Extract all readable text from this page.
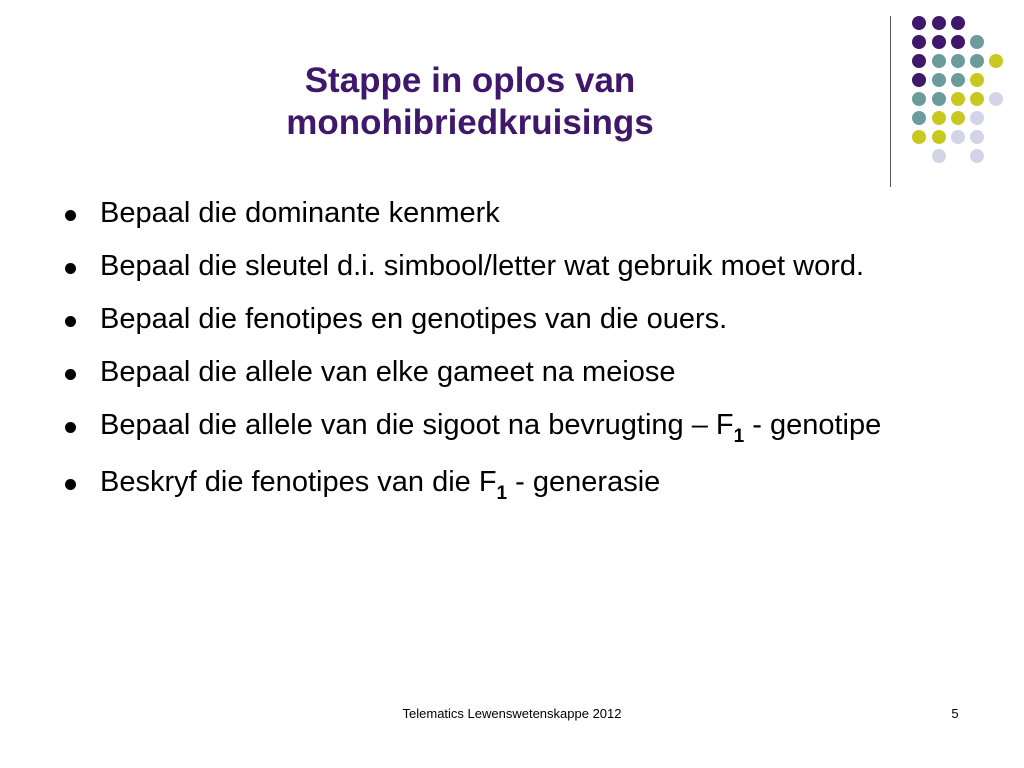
Stappe in oplos van
monohibriedkruisings
Bepaal die dominante kenmerk
Bepaal die sleutel d.i. simbool/letter wat gebruik moet word.
Bepaal die fenotipes en genotipes van die ouers.
Bepaal die allele van elke gameet na meiose
Bepaal die allele van die sigoot na bevrugting – $F_1$ - genotipe
Beskryf die fenotipes van die $F_1$ - generasie
Telematics Lewenswetenskappe 2012	5
